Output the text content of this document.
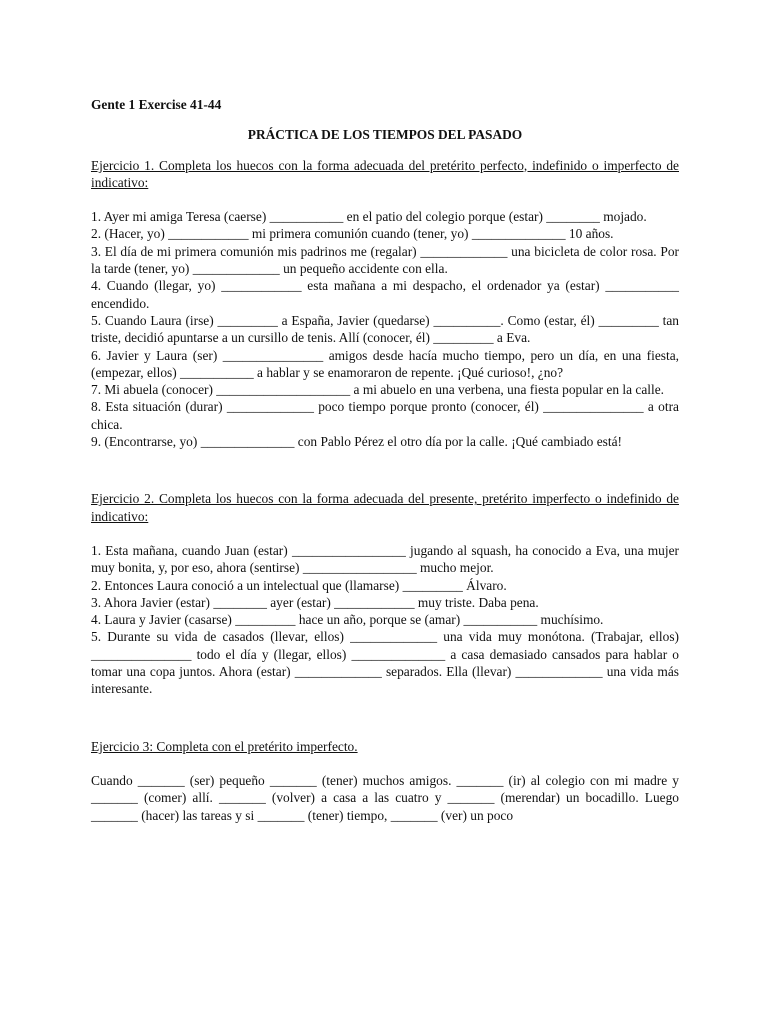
Gente 1 Exercise 41-44

PRÁCTICA DE LOS TIEMPOS DEL PASADO

Ejercicio 1. Completa los huecos con la forma adecuada del pretérito perfecto, indefinido o imperfecto de indicativo:

1. Ayer mi amiga Teresa (caerse) ___________ en el patio del colegio porque (estar) ________ mojado.

2. (Hacer, yo) ____________ mi primera comunión cuando (tener, yo) ______________ 10 años.

3. El día de mi primera comunión mis padrinos me (regalar) _____________ una bicicleta de color rosa. Por la tarde (tener, yo) _____________ un pequeño accidente con ella.

4. Cuando (llegar, yo) ____________ esta mañana a mi despacho, el ordenador ya (estar) ___________ encendido.

5. Cuando Laura (irse) _________ a España, Javier (quedarse) __________. Como (estar, él) _________ tan triste, decidió apuntarse a un cursillo de tenis. Allí (conocer, él) _________ a Eva.

6. Javier y Laura (ser) _______________ amigos desde hacía mucho tiempo, pero un día, en una fiesta, (empezar, ellos) ___________ a hablar y se enamoraron de repente. ¡Qué curioso!, ¿no?

7. Mi abuela (conocer) ____________________ a mi abuelo en una verbena, una fiesta popular en la calle.

8. Esta situación (durar) _____________ poco tiempo porque pronto (conocer, él) _______________ a otra chica.

9. (Encontrarse, yo) ______________ con Pablo Pérez el otro día por la calle. ¡Qué cambiado está!

Ejercicio 2. Completa los huecos con la forma adecuada del presente, pretérito imperfecto o indefinido de indicativo:

1. Esta mañana, cuando Juan (estar) _________________ jugando al squash, ha conocido a Eva, una mujer muy bonita, y, por eso, ahora (sentirse) _________________ mucho mejor.

2. Entonces Laura conoció a un intelectual que (llamarse) _________ Álvaro.

3. Ahora Javier (estar) ________ ayer (estar) ____________ muy triste. Daba pena.

4. Laura y Javier (casarse) _________ hace un año, porque se (amar) ___________ muchísimo.

5. Durante su vida de casados (llevar, ellos) _____________ una vida muy monótona. (Trabajar, ellos) _______________ todo el día y (llegar, ellos) ______________ a casa demasiado cansados para hablar o tomar una copa juntos. Ahora (estar) _____________ separados. Ella (llevar) _____________ una vida más interesante.

Ejercicio 3: Completa con el pretérito imperfecto.

Cuando _______ (ser) pequeño _______ (tener) muchos amigos. _______ (ir) al colegio con mi madre y _______ (comer) allí. _______ (volver) a casa a las cuatro y _______ (merendar) un bocadillo. Luego _______ (hacer) las tareas y si _______ (tener) tiempo, _______ (ver) un poco
